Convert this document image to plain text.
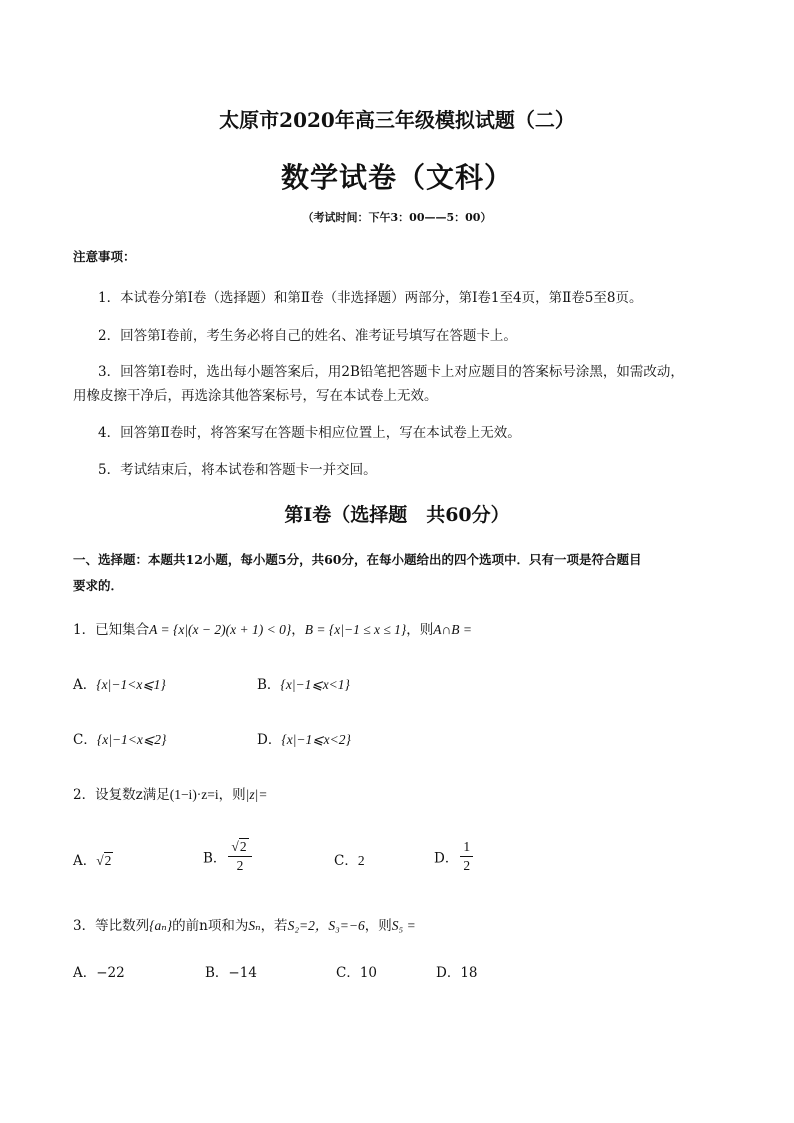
太原市2020年高三年级模拟试题（二）
数学试卷（文科）
（考试时间：下午3：00——5：00）
注意事项：
1．本试卷分第Ⅰ卷（选择题）和第Ⅱ卷（非选择题）两部分，第Ⅰ卷1至4页，第Ⅱ卷5至8页。
2．回答第Ⅰ卷前，考生务必将自己的姓名、准考证号填写在答题卡上。
3．回答第Ⅰ卷时，选出每小题答案后，用2B铅笔把答题卡上对应题目的答案标号涂黑，如需改动，
用橡皮擦干净后，再选涂其他答案标号，写在本试卷上无效。
4．回答第Ⅱ卷时，将答案写在答题卡相应位置上，写在本试卷上无效。
5．考试结束后，将本试卷和答题卡一并交回。
第Ⅰ卷（选择题　共60分）
一、选择题：本题共12小题，每小题5分，共60分，在每小题给出的四个选项中．只有一项是符合题目
要求的．
1．已知集合A = {x|(x − 2)(x + 1) < 0}，B = {x|−1 ≤ x ≤ 1}，则A∩B =
A．{x|−1<x⩽1}	B．{x|−1⩽x<1}
C．{x|−1<x⩽2}	D．{x|−1⩽x<2}
2．设复数z满足(1−i)·z=i，则|z|=
A．√2	B． $\frac{√2}{2}$	C．2	D． $\frac{1}{2}$
3．等比数列{aₙ}的前n项和为Sₙ，若S₂=2，S₃=−6，则S₅ =
A．−22	B．−14	C．10	D．18
